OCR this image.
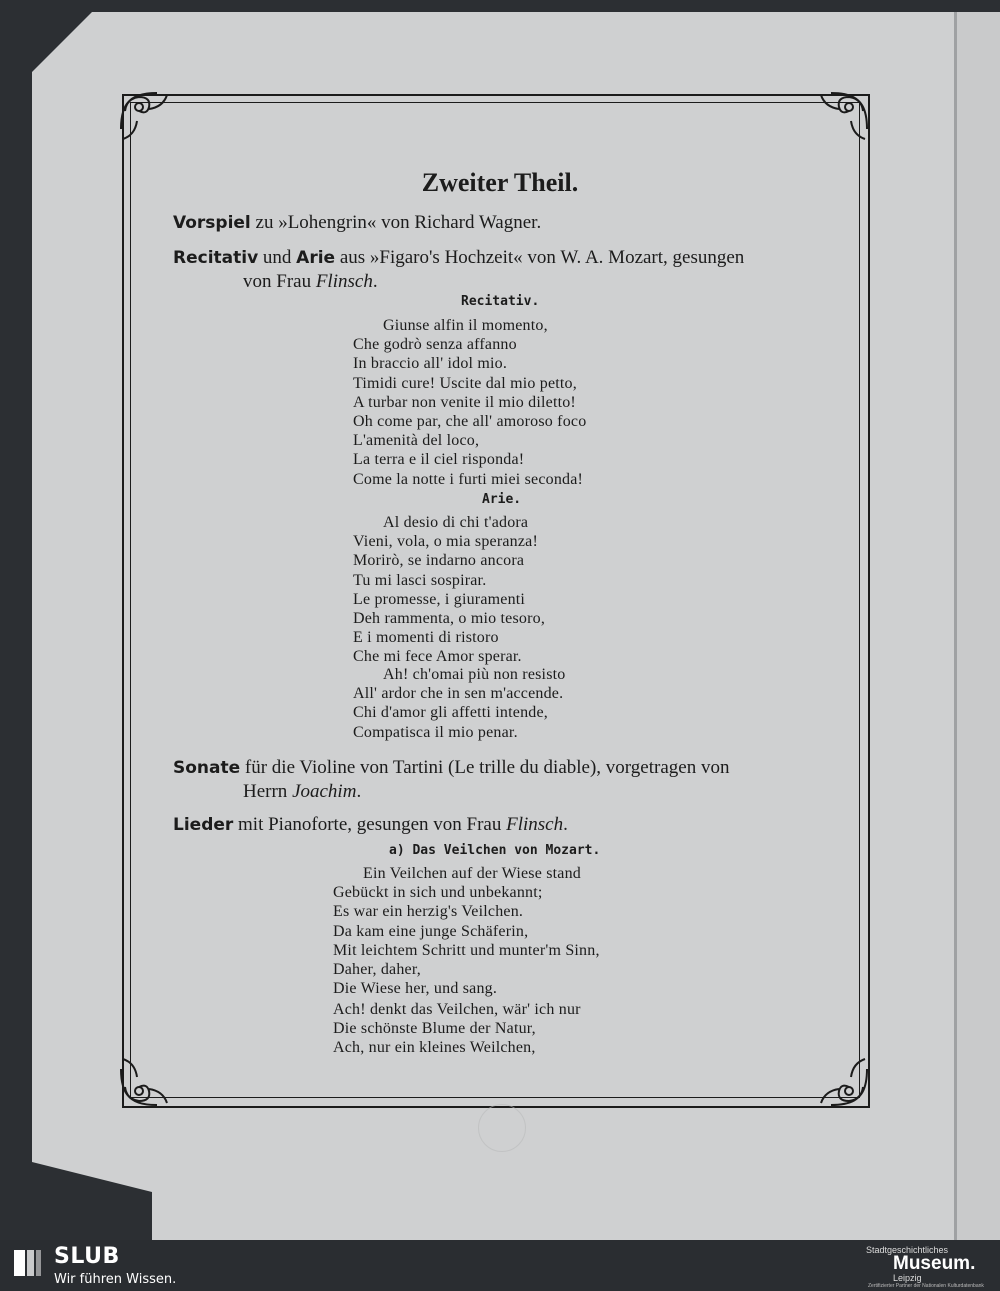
Zweiter Theil.
Vorspiel zu »Lohengrin« von Richard Wagner.
Recitativ und Arie aus »Figaro's Hochzeit« von W. A. Mozart, gesungen
von Frau Flinsch.
Recitativ.
Giunse alfin il momento,
Che godrò senza affanno
In braccio all' idol mio.
Timidi cure! Uscite dal mio petto,
A turbar non venite il mio diletto!
Oh come par, che all' amoroso foco
L'amenità del loco,
La terra e il ciel risponda!
Come la notte i furti miei seconda!
Arie.
Al desio di chi t'adora
Vieni, vola, o mia speranza!
Morirò, se indarno ancora
Tu mi lasci sospirar.
Le promesse, i giuramenti
Deh rammenta, o mio tesoro,
E i momenti di ristoro
Che mi fece Amor sperar.
Ah! ch'omai più non resisto
All' ardor che in sen m'accende.
Chi d'amor gli affetti intende,
Compatisca il mio penar.
Sonate für die Violine von Tartini (Le trille du diable), vorgetragen von
Herrn Joachim.
Lieder mit Pianoforte, gesungen von Frau Flinsch.
a) Das Veilchen von Mozart.
Ein Veilchen auf der Wiese stand
Gebückt in sich und unbekannt;
Es war ein herzig's Veilchen.
Da kam eine junge Schäferin,
Mit leichtem Schritt und munter'm Sinn,
Daher, daher,
Die Wiese her, und sang.
Ach! denkt das Veilchen, wär' ich nur
Die schönste Blume der Natur,
Ach, nur ein kleines Weilchen,
SLUB
Wir führen Wissen.
Stadtgeschichtliches
Museum.
Leipzig
Zertifizierter Partner der Nationalen Kulturdatenbank
